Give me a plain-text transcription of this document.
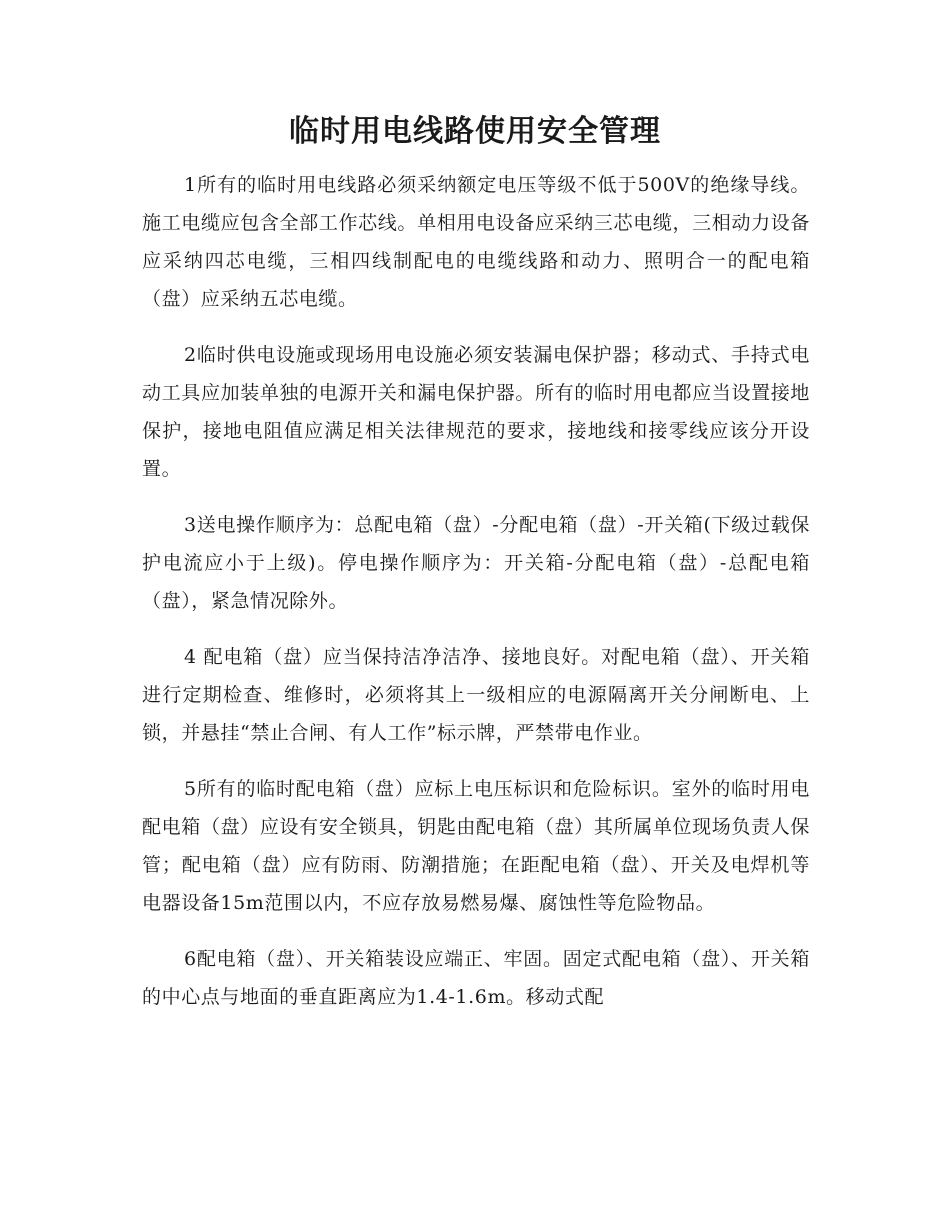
临时用电线路使用安全管理

1所有的临时用电线路必须采纳额定电压等级不低于500V的绝缘导线。施工电缆应包含全部工作芯线。单相用电设备应采纳三芯电缆，三相动力设备应采纳四芯电缆，三相四线制配电的电缆线路和动力、照明合一的配电箱（盘）应采纳五芯电缆。

2临时供电设施或现场用电设施必须安装漏电保护器；移动式、手持式电动工具应加装单独的电源开关和漏电保护器。所有的临时用电都应当设置接地保护，接地电阻值应满足相关法律规范的要求，接地线和接零线应该分开设置。

3送电操作顺序为：总配电箱（盘）-分配电箱（盘）-开关箱(下级过载保护电流应小于上级)。停电操作顺序为：开关箱-分配电箱（盘）-总配电箱（盘），紧急情况除外。

4 配电箱（盘）应当保持洁净洁净、接地良好。对配电箱（盘）、开关箱进行定期检查、维修时，必须将其上一级相应的电源隔离开关分闸断电、上锁，并悬挂“禁止合闸、有人工作”标示牌，严禁带电作业。

5所有的临时配电箱（盘）应标上电压标识和危险标识。室外的临时用电配电箱（盘）应设有安全锁具，钥匙由配电箱（盘）其所属单位现场负责人保管；配电箱（盘）应有防雨、防潮措施；在距配电箱（盘）、开关及电焊机等电器设备15m范围以内，不应存放易燃易爆、腐蚀性等危险物品。

6配电箱（盘）、开关箱装设应端正、牢固。固定式配电箱（盘）、开关箱的中心点与地面的垂直距离应为1.4-1.6m。移动式配
